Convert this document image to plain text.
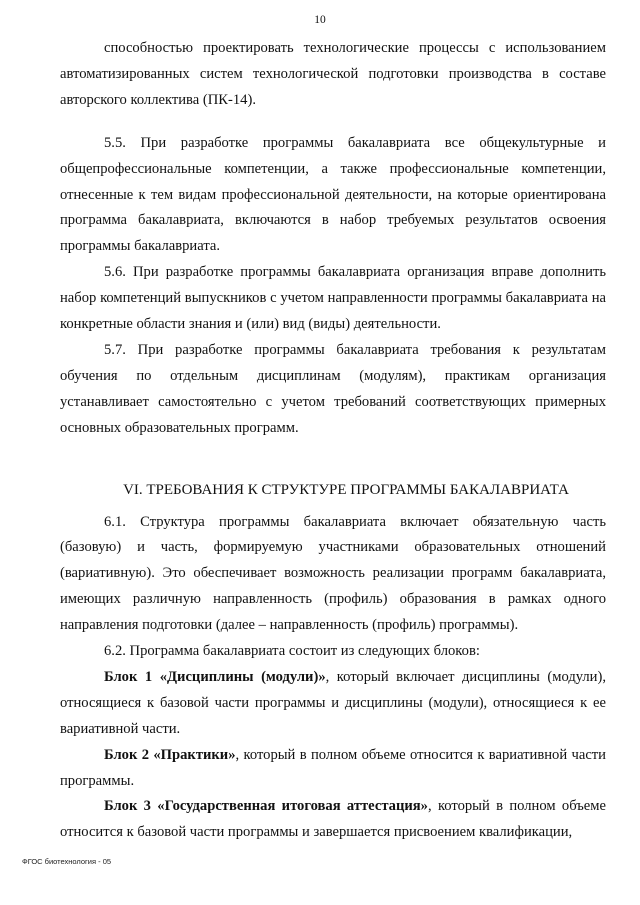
10

способностью проектировать технологические процессы с использованием автоматизированных систем технологической подготовки производства в составе авторского коллектива (ПК-14).

5.5. При разработке программы бакалавриата все общекультурные и общепрофессиональные компетенции, а также профессиональные компетенции, отнесенные к тем видам профессиональной деятельности, на которые ориентирована программа бакалавриата, включаются в набор требуемых результатов освоения программы бакалавриата.

5.6. При разработке программы бакалавриата организация вправе дополнить набор компетенций выпускников с учетом направленности программы бакалавриата на конкретные области знания и (или) вид (виды) деятельности.

5.7. При разработке программы бакалавриата требования к результатам обучения по отдельным дисциплинам (модулям), практикам организация устанавливает самостоятельно с учетом требований соответствующих примерных основных образовательных программ.

VI. ТРЕБОВАНИЯ К СТРУКТУРЕ ПРОГРАММЫ БАКАЛАВРИАТА

6.1. Структура программы бакалавриата включает обязательную часть (базовую) и часть, формируемую участниками образовательных отношений (вариативную). Это обеспечивает возможность реализации программ бакалавриата, имеющих различную направленность (профиль) образования в рамках одного направления подготовки (далее – направленность (профиль) программы).

6.2. Программа бакалавриата состоит из следующих блоков:

Блок 1 «Дисциплины (модули)», который включает дисциплины (модули), относящиеся к базовой части программы и дисциплины (модули), относящиеся к ее вариативной части.

Блок 2 «Практики», который в полном объеме относится к вариативной части программы.

Блок 3 «Государственная итоговая аттестация», который в полном объеме относится к базовой части программы и завершается присвоением квалификации,

ФГОС биотехнология - 05
